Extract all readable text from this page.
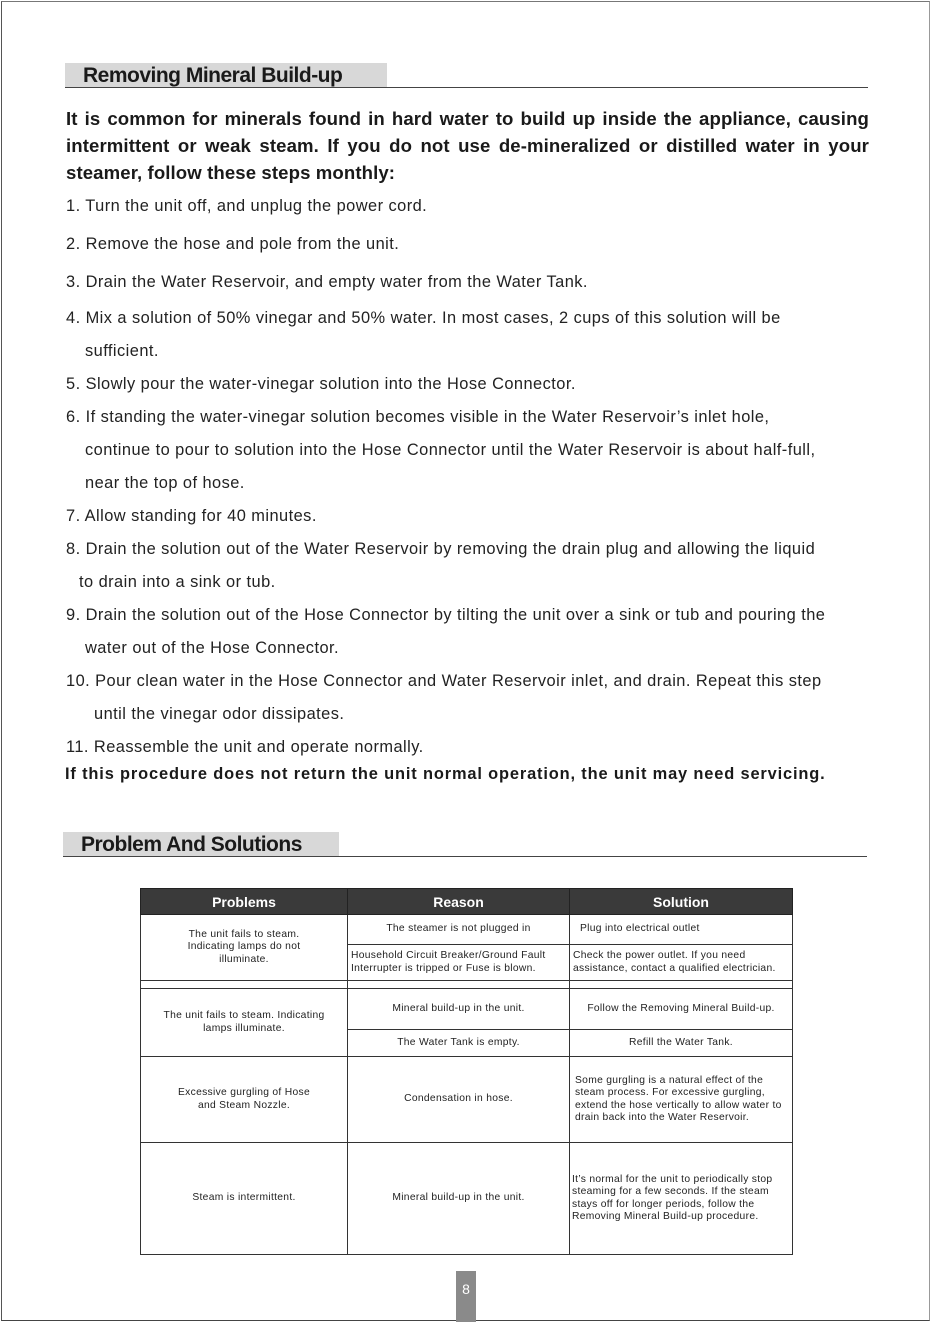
Removing Mineral Build-up
It is common for minerals found in hard water to build up inside the appliance, causing intermittent or weak steam. If you do not use de-mineralized or distilled water in your steamer, follow these steps monthly:
1. Turn the unit off, and unplug the power cord.
2. Remove the hose and pole from the unit.
3. Drain the Water Reservoir, and empty water from the Water Tank.
4. Mix a solution of 50% vinegar and 50% water. In most cases, 2 cups of this solution will be
sufficient.
5. Slowly pour the water-vinegar solution into the Hose Connector.
6. If standing the water-vinegar solution becomes visible in the Water Reservoir’s inlet hole,
continue to pour to solution into the Hose Connector until the Water Reservoir is about half-full,
near the top of hose.
7. Allow standing for 40 minutes.
8. Drain the solution out of the Water Reservoir by removing the drain plug and allowing the liquid
to drain into a sink or tub.
9. Drain the solution out of the Hose Connector by tilting the unit over a sink or tub and pouring the
water out of the Hose Connector.
10. Pour clean water in the Hose Connector and Water Reservoir inlet, and drain. Repeat this step
until the vinegar odor dissipates.
11. Reassemble the unit and operate normally.
If this procedure does not return the unit normal operation, the unit may need servicing.
Problem And Solutions
Problems	Reason	Solution
The unit fails to steam. Indicating lamps do not illuminate.	The steamer is not plugged in	Plug into electrical outlet
	Household Circuit Breaker/Ground Fault Interrupter is tripped or Fuse is blown.	Check the power outlet. If you need assistance, contact a qualified electrician.

The unit fails to steam. Indicating lamps illuminate.	Mineral build-up in the unit.	Follow the Removing Mineral Build-up.
	The Water Tank is empty.	Refill the Water Tank.
Excessive gurgling of Hose and Steam Nozzle.	Condensation in hose.	Some gurgling is a natural effect of the steam process. For excessive gurgling, extend the hose vertically to allow water to drain back into the Water Reservoir.
Steam is intermittent.	Mineral build-up in the unit.	It’s normal for the unit to periodically stop steaming for a few seconds. If the steam stays off for longer periods, follow the Removing Mineral Build-up procedure.
8
